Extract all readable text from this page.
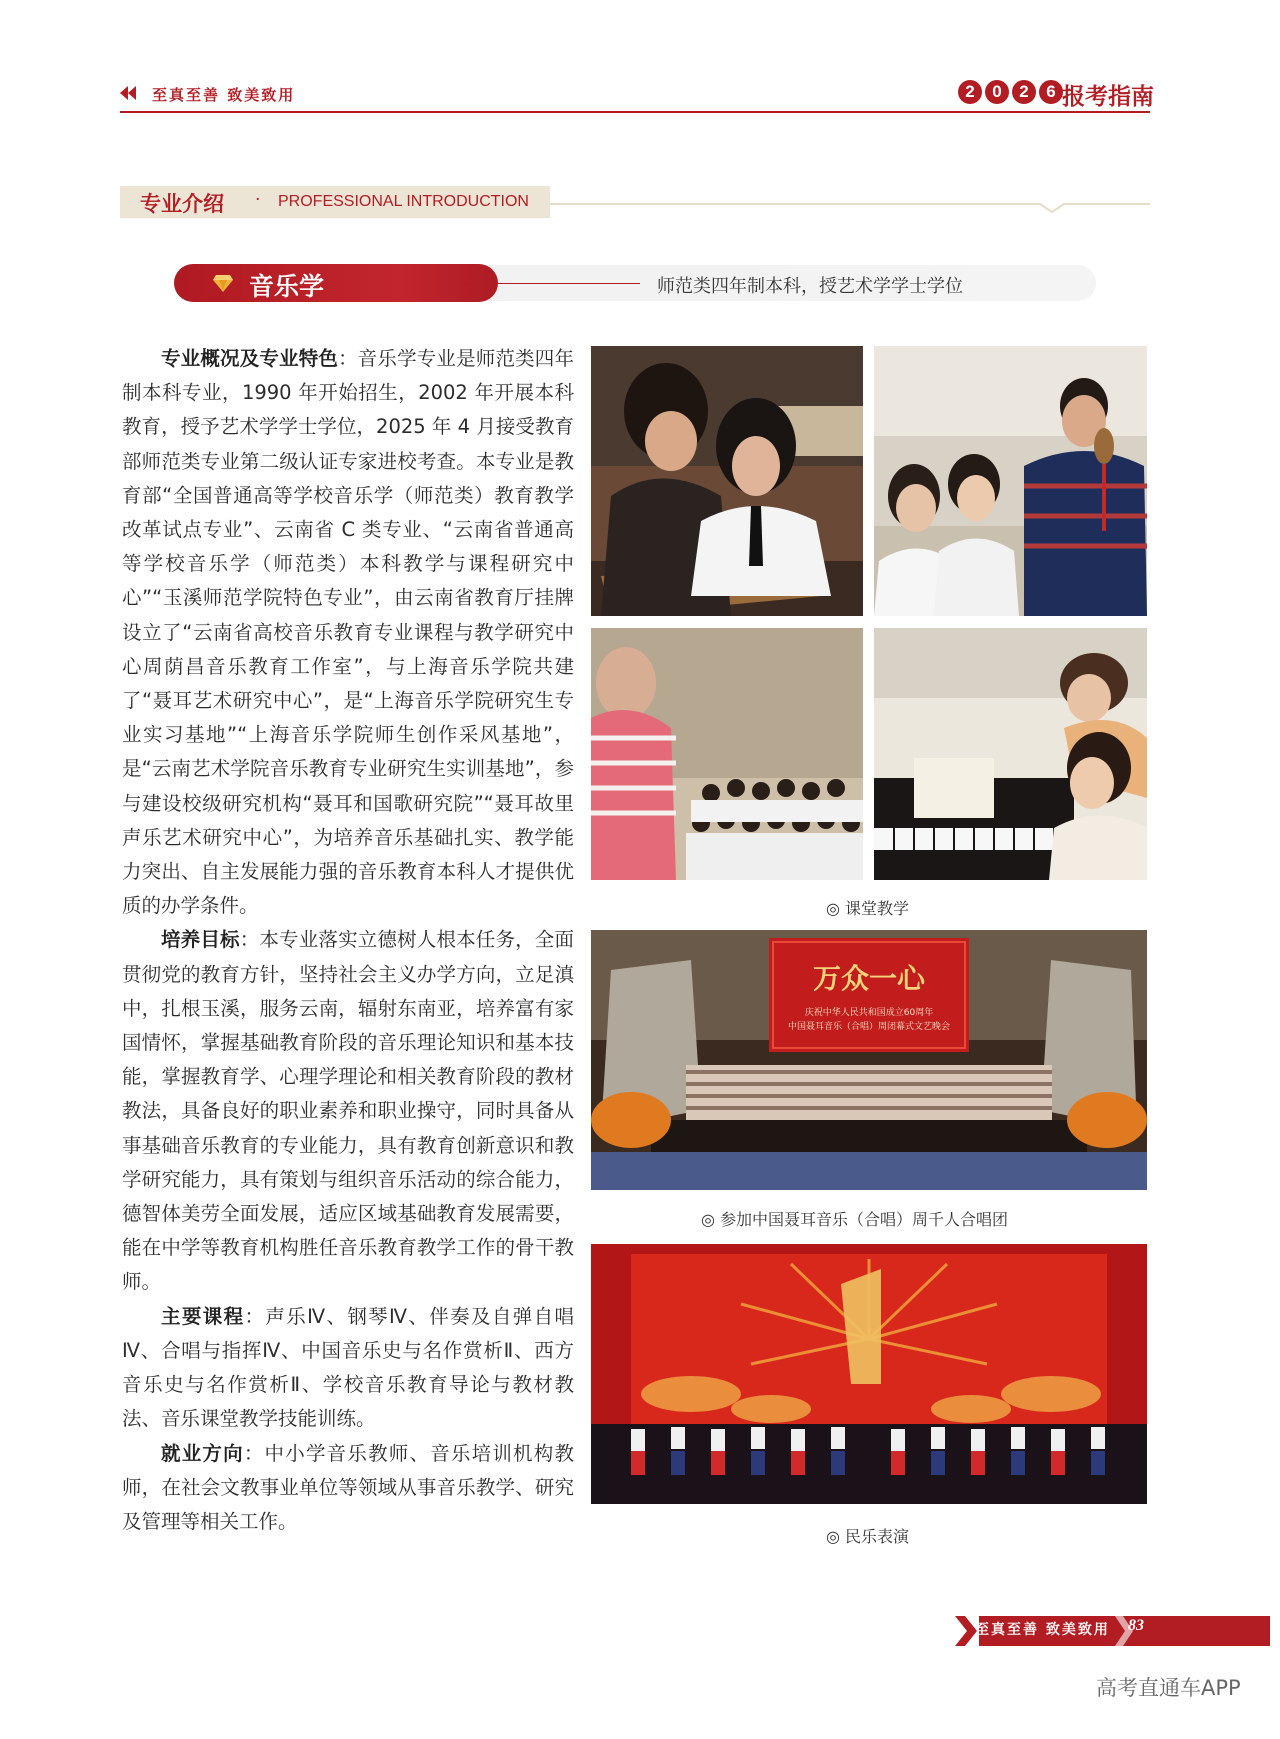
至真至善 致美致用	2	0	2	6 报考指南
专业介绍 · PROFESSIONAL INTRODUCTION
音乐学	师范类四年制本科，授艺术学学士学位

专业概况及专业特色：音乐学专业是师范类四年制本科专业，1990 年开始招生，2002 年开展本科教育，授予艺术学学士学位，2025 年 4 月接受教育部师范类专业第二级认证专家进校考查。本专业是教育部“全国普通高等学校音乐学（师范类）教育教学改革试点专业”、云南省 C 类专业、“云南省普通高等学校音乐学（师范类）本科教学与课程研究中心”“玉溪师范学院特色专业”，由云南省教育厅挂牌设立了“云南省高校音乐教育专业课程与教学研究中心周荫昌音乐教育工作室”，与上海音乐学院共建了“聂耳艺术研究中心”，是“上海音乐学院研究生专业实习基地”“上海音乐学院师生创作采风基地”，是“云南艺术学院音乐教育专业研究生实训基地”，参与建设校级研究机构“聂耳和国歌研究院”“聂耳故里声乐艺术研究中心”，为培养音乐基础扎实、教学能力突出、自主发展能力强的音乐教育本科人才提供优质的办学条件。

培养目标：本专业落实立德树人根本任务，全面贯彻党的教育方针，坚持社会主义办学方向，立足滇中，扎根玉溪，服务云南，辐射东南亚，培养富有家国情怀，掌握基础教育阶段的音乐理论知识和基本技能，掌握教育学、心理学理论和相关教育阶段的教材教法，具备良好的职业素养和职业操守，同时具备从事基础音乐教育的专业能力，具有教育创新意识和教学研究能力，具有策划与组织音乐活动的综合能力，德智体美劳全面发展，适应区域基础教育发展需要，能在中学等教育机构胜任音乐教育教学工作的骨干教师。

主要课程：声乐Ⅳ、钢琴Ⅳ、伴奏及自弹自唱Ⅳ、合唱与指挥Ⅳ、中国音乐史与名作赏析Ⅱ、西方音乐史与名作赏析Ⅱ、学校音乐教育导论与教材教法、音乐课堂教学技能训练。

就业方向：中小学音乐教师、音乐培训机构教师，在社会文教事业单位等领域从事音乐教学、研究及管理等相关工作。

◎ 课堂教学
万众一心
庆祝中华人民共和国成立60周年
中国聂耳音乐（合唱）周闭幕式文艺晚会
◎ 参加中国聂耳音乐（合唱）周千人合唱团
◎ 民乐表演
至真至善 致美致用 83
高考直通车APP
